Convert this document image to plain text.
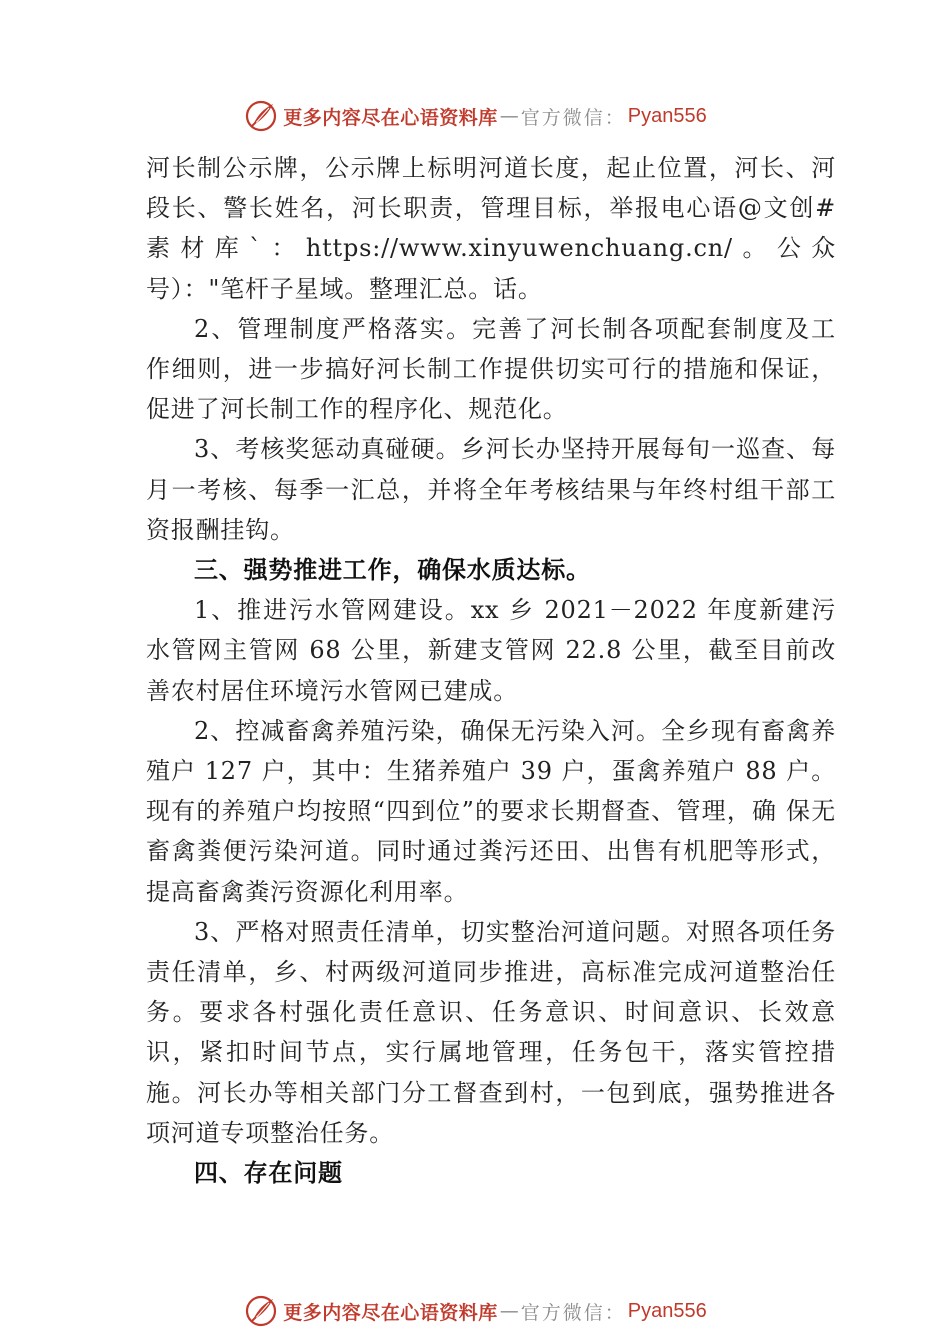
更多内容尽在心语资料库 — 官方微信： Pyan556

河长制公示牌，公示牌上标明河道长度，起止位置，河长、河段长、警长姓名，河长职责，管理目标，举报电心语@文创#素材库`：https://www.xinyuwenchuang.cn/。公众号）："笔杆子星域。整理汇总。话。

2、管理制度严格落实。完善了河长制各项配套制度及工 作细则，进一步搞好河长制工作提供切实可行的措施和保证， 促进了河长制工作的程序化、规范化。

3、考核奖惩动真碰硬。乡河长办坚持开展每旬一巡查、每月一考核、每季一汇总，并将全年考核结果与年终村组干部工资报酬挂钩。

三、强势推进工作，确保水质达标。

1、推进污水管网建设。xx 乡 2021－2022 年度新建污水管网主管网 68 公里，新建支管网 22.8 公里，截至目前改善农村居住环境污水管网已建成。

2、控减畜禽养殖污染，确保无污染入河。全乡现有畜禽养殖户 127 户，其中：生猪养殖户 39 户，蛋禽养殖户 88 户。现有的养殖户均按照“四到位”的要求长期督查、管理，确 保无畜禽粪便污染河道。同时通过粪污还田、出售有机肥等形式，提高畜禽粪污资源化利用率。

3、严格对照责任清单，切实整治河道问题。对照各项任务责任清单，乡、村两级河道同步推进，高标准完成河道整治任务。要求各村强化责任意识、任务意识、时间意识、长效意识，紧扣时间节点，实行属地管理，任务包干，落实管控措施。河长办等相关部门分工督查到村，一包到底，强势推进各项河道专项整治任务。

四、存在问题

更多内容尽在心语资料库 — 官方微信： Pyan556
